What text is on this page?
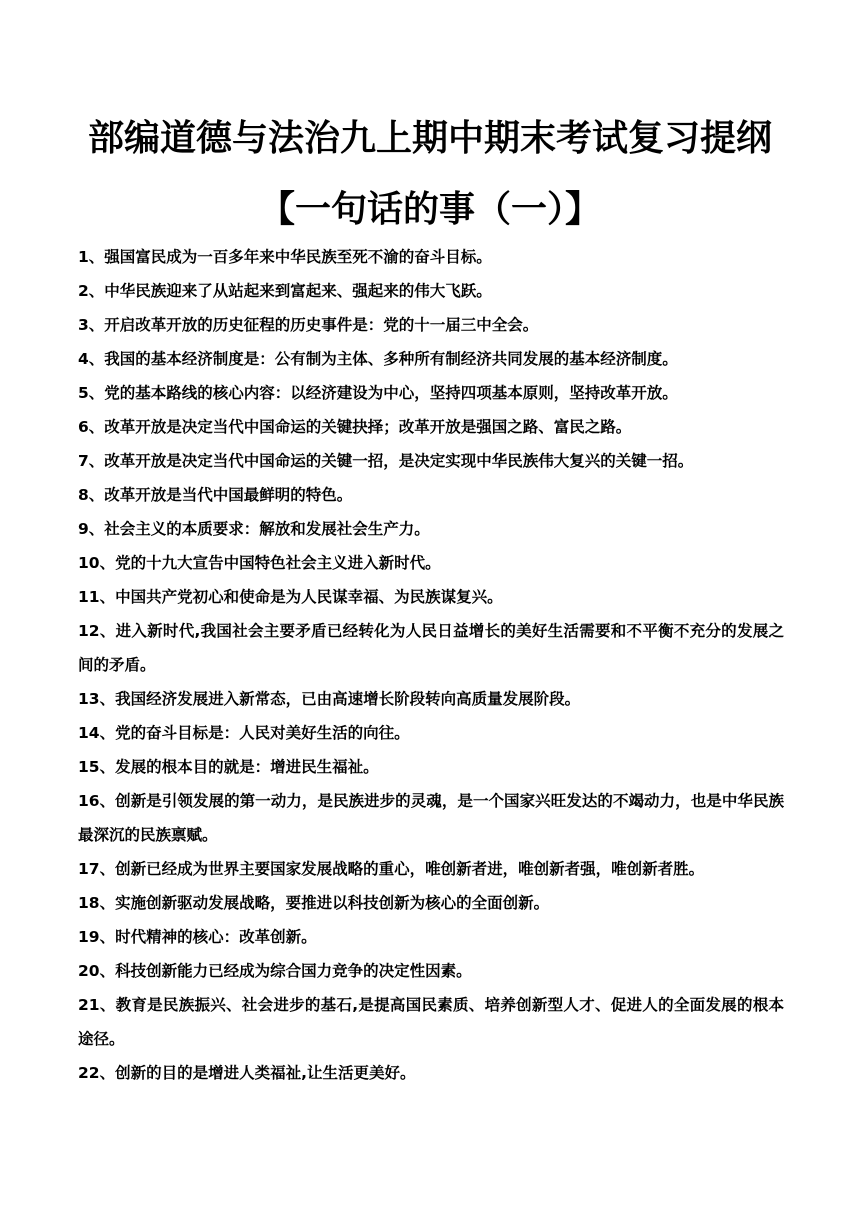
部编道德与法治九上期中期末考试复习提纲
【一句话的事（一）】
1、强国富民成为一百多年来中华民族至死不渝的奋斗目标。
2、中华民族迎来了从站起来到富起来、强起来的伟大飞跃。
3、开启改革开放的历史征程的历史事件是：党的十一届三中全会。
4、我国的基本经济制度是：公有制为主体、多种所有制经济共同发展的基本经济制度。
5、党的基本路线的核心内容：以经济建设为中心，坚持四项基本原则，坚持改革开放。
6、改革开放是决定当代中国命运的关键抉择；改革开放是强国之路、富民之路。
7、改革开放是决定当代中国命运的关键一招，是决定实现中华民族伟大复兴的关键一招。
8、改革开放是当代中国最鲜明的特色。
9、社会主义的本质要求：解放和发展社会生产力。
10、党的十九大宣告中国特色社会主义进入新时代。
11、中国共产党初心和使命是为人民谋幸福、为民族谋复兴。
12、进入新时代,我国社会主要矛盾已经转化为人民日益增长的美好生活需要和不平衡不充分的发展之间的矛盾。
13、我国经济发展进入新常态，已由高速增长阶段转向高质量发展阶段。
14、党的奋斗目标是：人民对美好生活的向往。
15、发展的根本目的就是：增进民生福祉。
16、创新是引领发展的第一动力，是民族进步的灵魂，是一个国家兴旺发达的不竭动力，也是中华民族最深沉的民族禀赋。
17、创新已经成为世界主要国家发展战略的重心，唯创新者进，唯创新者强，唯创新者胜。
18、实施创新驱动发展战略，要推进以科技创新为核心的全面创新。
19、时代精神的核心：改革创新。
20、科技创新能力已经成为综合国力竞争的决定性因素。
21、教育是民族振兴、社会进步的基石,是提高国民素质、培养创新型人才、促进人的全面发展的根本途径。
22、创新的目的是增进人类福祉,让生活更美好。
